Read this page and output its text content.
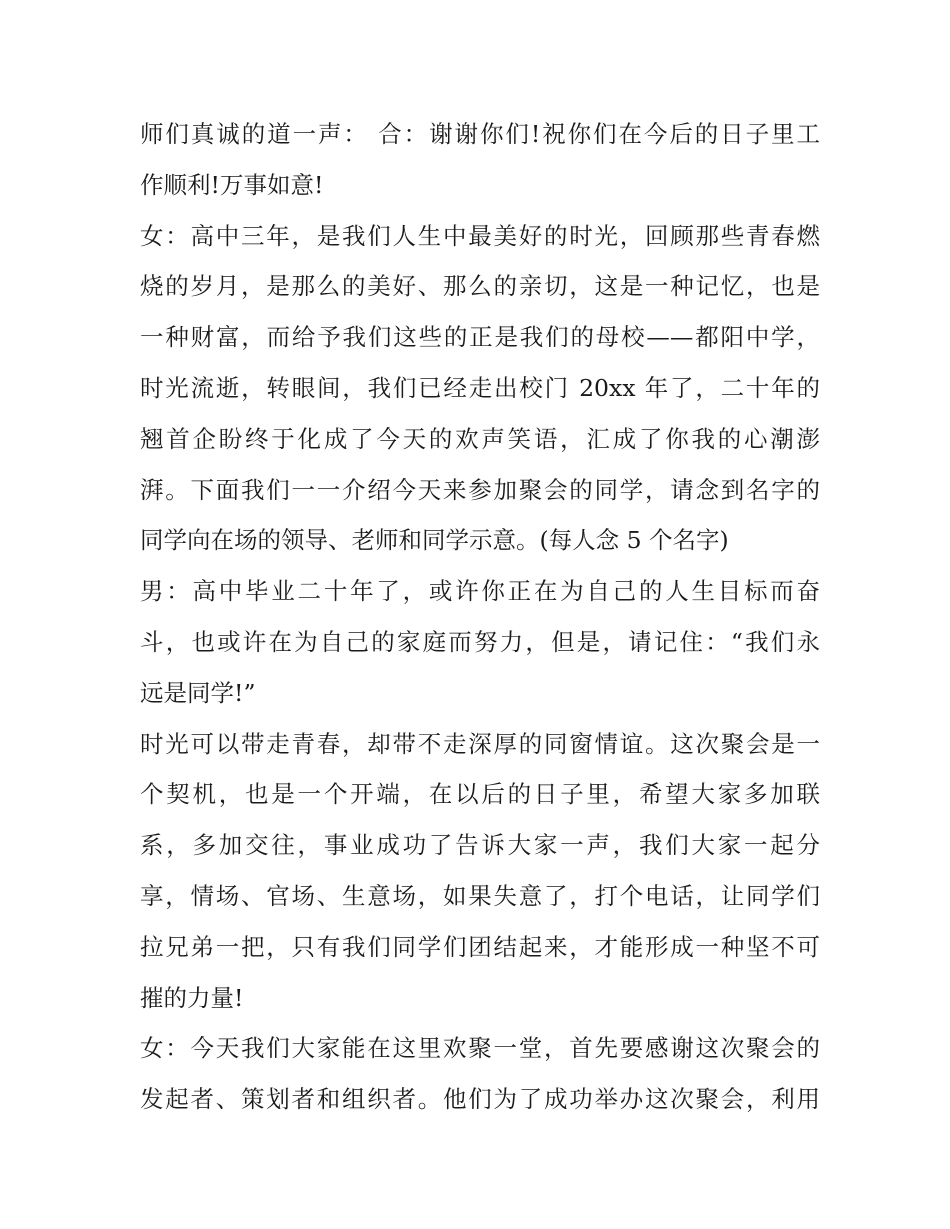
师们真诚的道一声： 合：谢谢你们!祝你们在今后的日子里工
作顺利!万事如意!
女：高中三年，是我们人生中最美好的时光，回顾那些青春燃
烧的岁月，是那么的美好、那么的亲切，这是一种记忆，也是
一种财富，而给予我们这些的正是我们的母校——都阳中学，
时光流逝，转眼间，我们已经走出校门 20xx 年了，二十年的
翘首企盼终于化成了今天的欢声笑语，汇成了你我的心潮澎
湃。下面我们一一介绍今天来参加聚会的同学，请念到名字的
同学向在场的领导、老师和同学示意。(每人念 5 个名字)
男：高中毕业二十年了，或许你正在为自己的人生目标而奋
斗，也或许在为自己的家庭而努力，但是，请记住：“我们永
远是同学!”
时光可以带走青春，却带不走深厚的同窗情谊。这次聚会是一
个契机，也是一个开端，在以后的日子里，希望大家多加联
系，多加交往，事业成功了告诉大家一声，我们大家一起分
享，情场、官场、生意场，如果失意了，打个电话，让同学们
拉兄弟一把，只有我们同学们团结起来，才能形成一种坚不可
摧的力量!
女：今天我们大家能在这里欢聚一堂，首先要感谢这次聚会的
发起者、策划者和组织者。他们为了成功举办这次聚会，利用
